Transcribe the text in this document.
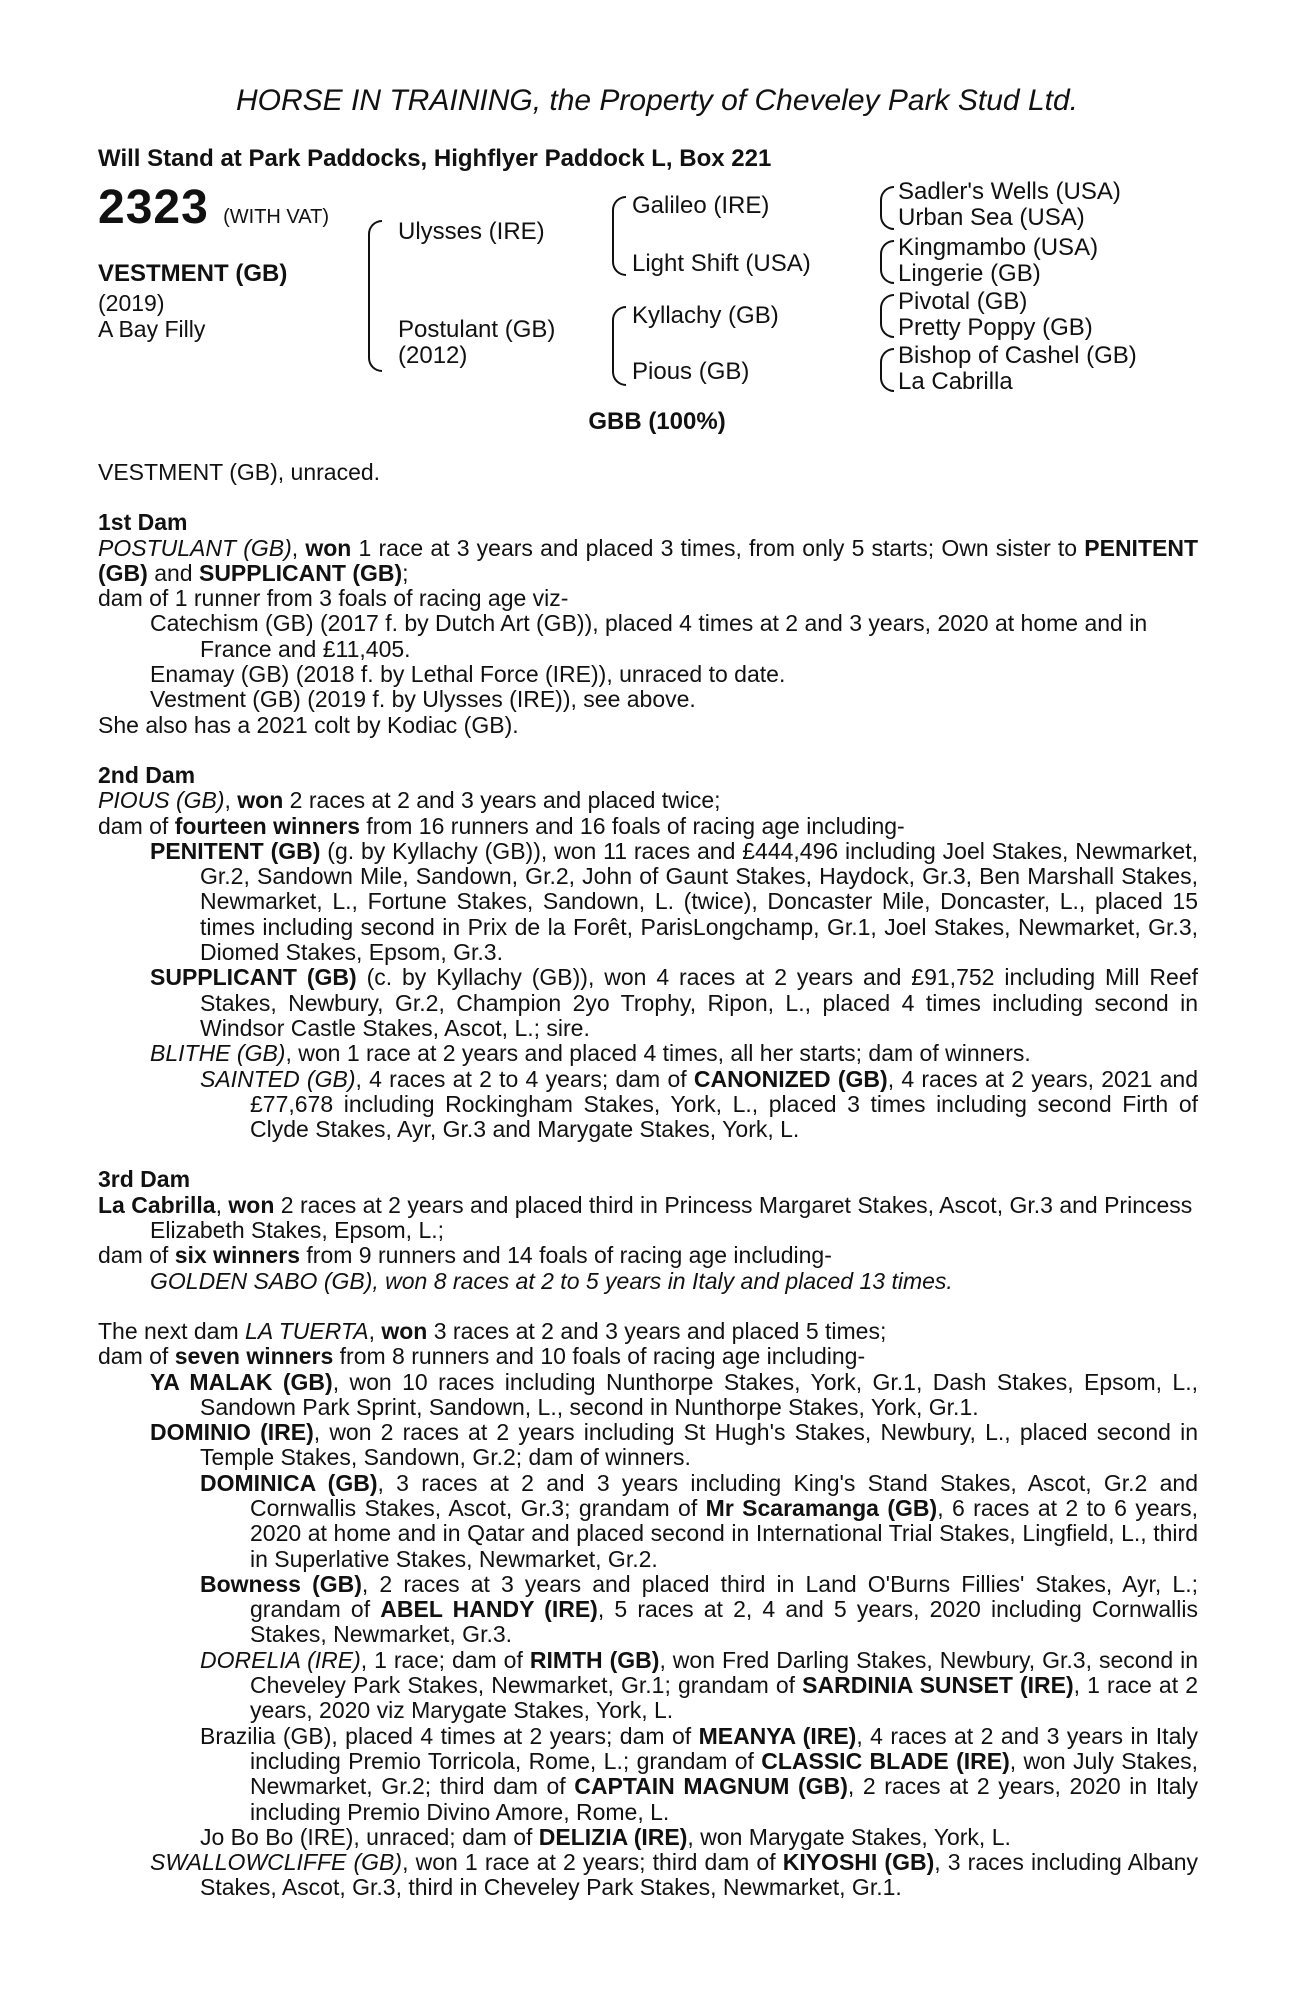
HORSE IN TRAINING, the Property of Cheveley Park Stud Ltd.
Will Stand at Park Paddocks, Highflyer Paddock L, Box 221
2323 (WITH VAT)
VESTMENT (GB)
(2019)
A Bay Filly
Ulysses (IRE)
Postulant (GB)
(2012)
Galileo (IRE)
Light Shift (USA)
Kyllachy (GB)
Pious (GB)
Sadler's Wells (USA)
Urban Sea (USA)
Kingmambo (USA)
Lingerie (GB)
Pivotal (GB)
Pretty Poppy (GB)
Bishop of Cashel (GB)
La Cabrilla
GBB (100%)

VESTMENT (GB), unraced.

1st Dam

POSTULANT (GB), won 1 race at 3 years and placed 3 times, from only 5 starts; Own sister to PENITENT (GB) and SUPPLICANT (GB);

dam of 1 runner from 3 foals of racing age viz-

Catechism (GB) (2017 f. by Dutch Art (GB)), placed 4 times at 2 and 3 years, 2020 at home and in France and £11,405.

Enamay (GB) (2018 f. by Lethal Force (IRE)), unraced to date.

Vestment (GB) (2019 f. by Ulysses (IRE)), see above.

She also has a 2021 colt by Kodiac (GB).

2nd Dam

PIOUS (GB), won 2 races at 2 and 3 years and placed twice;

dam of fourteen winners from 16 runners and 16 foals of racing age including-

PENITENT (GB) (g. by Kyllachy (GB)), won 11 races and £444,496 including Joel Stakes, Newmarket, Gr.2, Sandown Mile, Sandown, Gr.2, John of Gaunt Stakes, Haydock, Gr.3, Ben Marshall Stakes, Newmarket, L., Fortune Stakes, Sandown, L. (twice), Doncaster Mile, Doncaster, L., placed 15 times including second in Prix de la Forêt, ParisLongchamp, Gr.1, Joel Stakes, Newmarket, Gr.3, Diomed Stakes, Epsom, Gr.3.

SUPPLICANT (GB) (c. by Kyllachy (GB)), won 4 races at 2 years and £91,752 including Mill Reef Stakes, Newbury, Gr.2, Champion 2yo Trophy, Ripon, L., placed 4 times including second in Windsor Castle Stakes, Ascot, L.; sire.

BLITHE (GB), won 1 race at 2 years and placed 4 times, all her starts; dam of winners.

SAINTED (GB), 4 races at 2 to 4 years; dam of CANONIZED (GB), 4 races at 2 years, 2021 and £77,678 including Rockingham Stakes, York, L., placed 3 times including second Firth of Clyde Stakes, Ayr, Gr.3 and Marygate Stakes, York, L.

3rd Dam

La Cabrilla, won 2 races at 2 years and placed third in Princess Margaret Stakes, Ascot, Gr.3 and Princess Elizabeth Stakes, Epsom, L.;

dam of six winners from 9 runners and 14 foals of racing age including-

GOLDEN SABO (GB), won 8 races at 2 to 5 years in Italy and placed 13 times.

The next dam LA TUERTA, won 3 races at 2 and 3 years and placed 5 times;

dam of seven winners from 8 runners and 10 foals of racing age including-

YA MALAK (GB), won 10 races including Nunthorpe Stakes, York, Gr.1, Dash Stakes, Epsom, L., Sandown Park Sprint, Sandown, L., second in Nunthorpe Stakes, York, Gr.1.

DOMINIO (IRE), won 2 races at 2 years including St Hugh's Stakes, Newbury, L., placed second in Temple Stakes, Sandown, Gr.2; dam of winners.

DOMINICA (GB), 3 races at 2 and 3 years including King's Stand Stakes, Ascot, Gr.2 and Cornwallis Stakes, Ascot, Gr.3; grandam of Mr Scaramanga (GB), 6 races at 2 to 6 years, 2020 at home and in Qatar and placed second in International Trial Stakes, Lingfield, L., third in Superlative Stakes, Newmarket, Gr.2.

Bowness (GB), 2 races at 3 years and placed third in Land O'Burns Fillies' Stakes, Ayr, L.; grandam of ABEL HANDY (IRE), 5 races at 2, 4 and 5 years, 2020 including Cornwallis Stakes, Newmarket, Gr.3.

DORELIA (IRE), 1 race; dam of RIMTH (GB), won Fred Darling Stakes, Newbury, Gr.3, second in Cheveley Park Stakes, Newmarket, Gr.1; grandam of SARDINIA SUNSET (IRE), 1 race at 2 years, 2020 viz Marygate Stakes, York, L.

Brazilia (GB), placed 4 times at 2 years; dam of MEANYA (IRE), 4 races at 2 and 3 years in Italy including Premio Torricola, Rome, L.; grandam of CLASSIC BLADE (IRE), won July Stakes, Newmarket, Gr.2; third dam of CAPTAIN MAGNUM (GB), 2 races at 2 years, 2020 in Italy including Premio Divino Amore, Rome, L.

Jo Bo Bo (IRE), unraced; dam of DELIZIA (IRE), won Marygate Stakes, York, L.

SWALLOWCLIFFE (GB), won 1 race at 2 years; third dam of KIYOSHI (GB), 3 races including Albany Stakes, Ascot, Gr.3, third in Cheveley Park Stakes, Newmarket, Gr.1.
